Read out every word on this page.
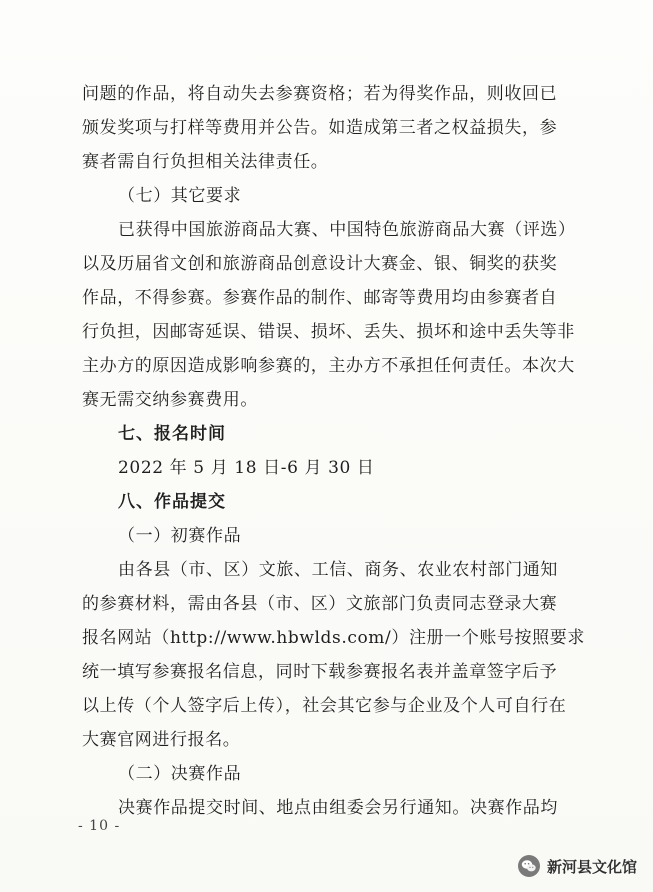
问题的作品，将自动失去参赛资格；若为得奖作品，则收回已
颁发奖项与打样等费用并公告。如造成第三者之权益损失，参
赛者需自行负担相关法律责任。
（七）其它要求
已获得中国旅游商品大赛、中国特色旅游商品大赛（评选）
以及历届省文创和旅游商品创意设计大赛金、银、铜奖的获奖
作品，不得参赛。参赛作品的制作、邮寄等费用均由参赛者自
行负担，因邮寄延误、错误、损坏、丢失、损坏和途中丢失等非
主办方的原因造成影响参赛的，主办方不承担任何责任。本次大
赛无需交纳参赛费用。
七、报名时间
2022 年 5 月 18 日-6 月 30 日
八、作品提交
（一）初赛作品
由各县（市、区）文旅、工信、商务、农业农村部门通知
的参赛材料，需由各县（市、区）文旅部门负责同志登录大赛
报名网站（http://www.hbwlds.com/）注册一个账号按照要求
统一填写参赛报名信息，同时下载参赛报名表并盖章签字后予
以上传（个人签字后上传），社会其它参与企业及个人可自行在
大赛官网进行报名。
（二）决赛作品
决赛作品提交时间、地点由组委会另行通知。决赛作品均
- 10 -
新河县文化馆
